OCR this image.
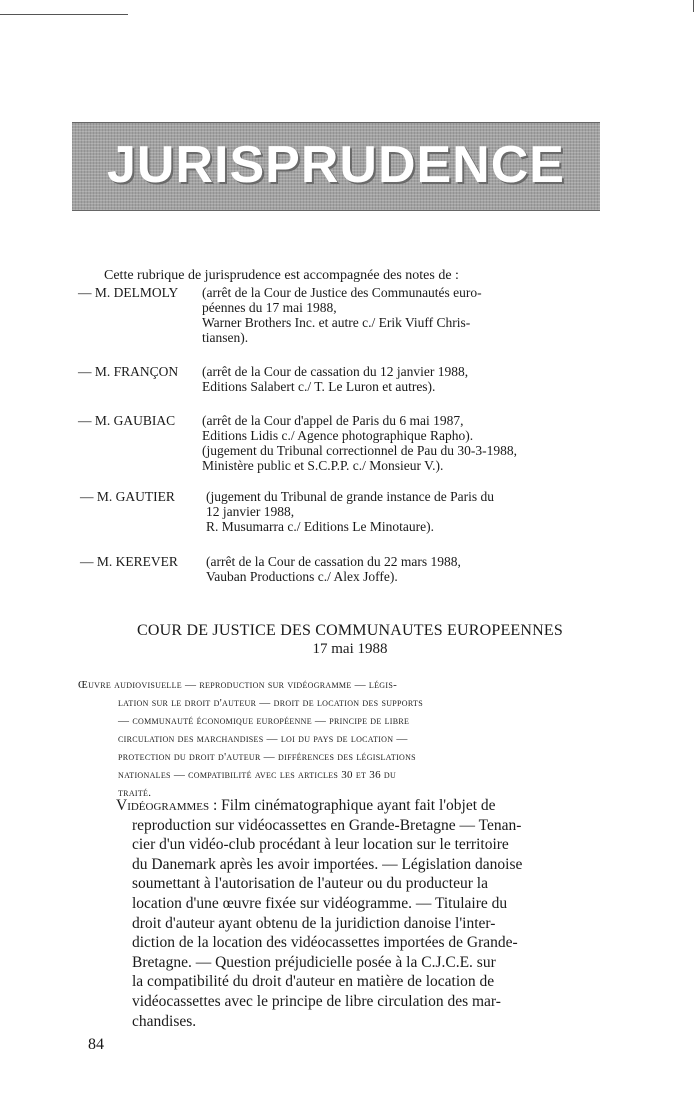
JURISPRUDENCE
Cette rubrique de jurisprudence est accompagnée des notes de :
— M. DELMOLY (arrêt de la Cour de Justice des Communautés euro-
péennes du 17 mai 1988,
Warner Brothers Inc. et autre c./ Erik Viuff Chris-
tiansen).
— M. FRANÇON (arrêt de la Cour de cassation du 12 janvier 1988,
Editions Salabert c./ T. Le Luron et autres).
— M. GAUBIAC (arrêt de la Cour d'appel de Paris du 6 mai 1987,
Editions Lidis c./ Agence photographique Rapho).
(jugement du Tribunal correctionnel de Pau du 30-3-1988,
Ministère public et S.C.P.P. c./ Monsieur V.).
— M. GAUTIER (jugement du Tribunal de grande instance de Paris du
12 janvier 1988,
R. Musumarra c./ Editions Le Minotaure).
— M. KEREVER (arrêt de la Cour de cassation du 22 mars 1988,
Vauban Productions c./ Alex Joffe).
COUR DE JUSTICE DES COMMUNAUTES EUROPEENNES
17 mai 1988
Œuvre audiovisuelle — reproduction sur vidéogramme — légis-
lation sur le droit d'auteur — droit de location des supports
— communauté économique européenne — principe de libre
circulation des marchandises — loi du pays de location —
protection du droit d'auteur — différences des législations
nationales — compatibilité avec les articles 30 et 36 du
traité.
Vidéogrammes : Film cinématographique ayant fait l'objet de
reproduction sur vidéocassettes en Grande-Bretagne — Tenan-
cier d'un vidéo-club procédant à leur location sur le territoire
du Danemark après les avoir importées. — Législation danoise
soumettant à l'autorisation de l'auteur ou du producteur la
location d'une œuvre fixée sur vidéogramme. — Titulaire du
droit d'auteur ayant obtenu de la juridiction danoise l'inter-
diction de la location des vidéocassettes importées de Grande-
Bretagne. — Question préjudicielle posée à la C.J.C.E. sur
la compatibilité du droit d'auteur en matière de location de
vidéocassettes avec le principe de libre circulation des mar-
chandises.
84
